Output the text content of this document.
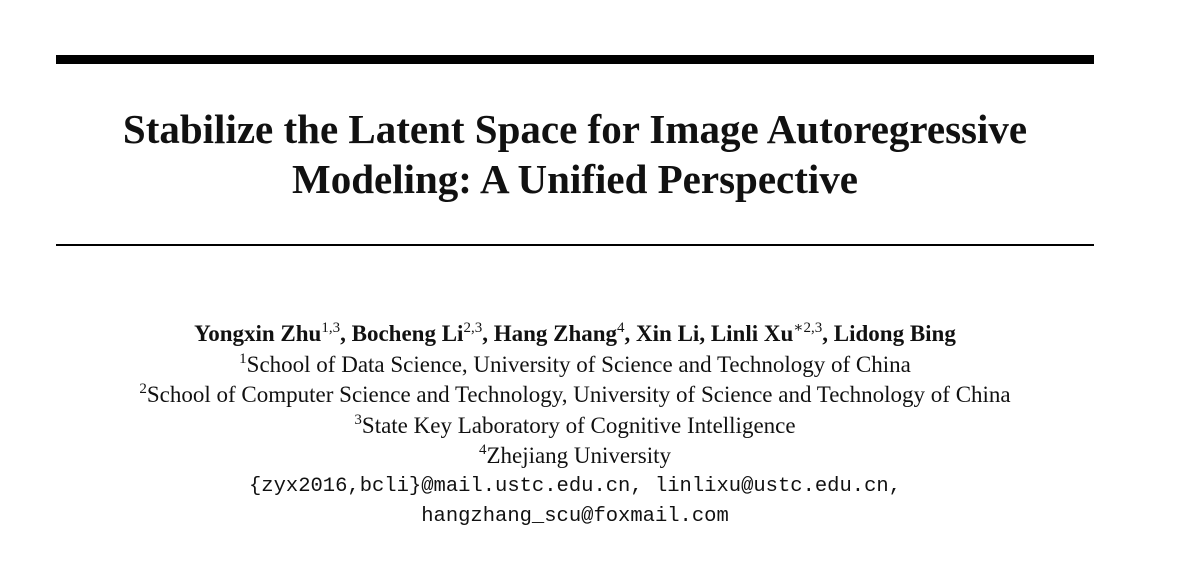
Stabilize the Latent Space for Image Autoregressive
Modeling: A Unified Perspective
Yongxin Zhu$^{1,3}$, Bocheng Li$^{2,3}$, Hang Zhang$^4$, Xin Li, Linli $Xu^{∗2,3}$, Lidong Bing
$^1$School of Data Science, University of Science and Technology of China
$^2$School of Computer Science and Technology, University of Science and Technology of China
$^3$State Key Laboratory of Cognitive Intelligence
$^4$Zhejiang University
{zyx2016,bcli}@mail.ustc.edu.cn, linlixu@ustc.edu.cn,
hangzhang_scu@foxmail.com
